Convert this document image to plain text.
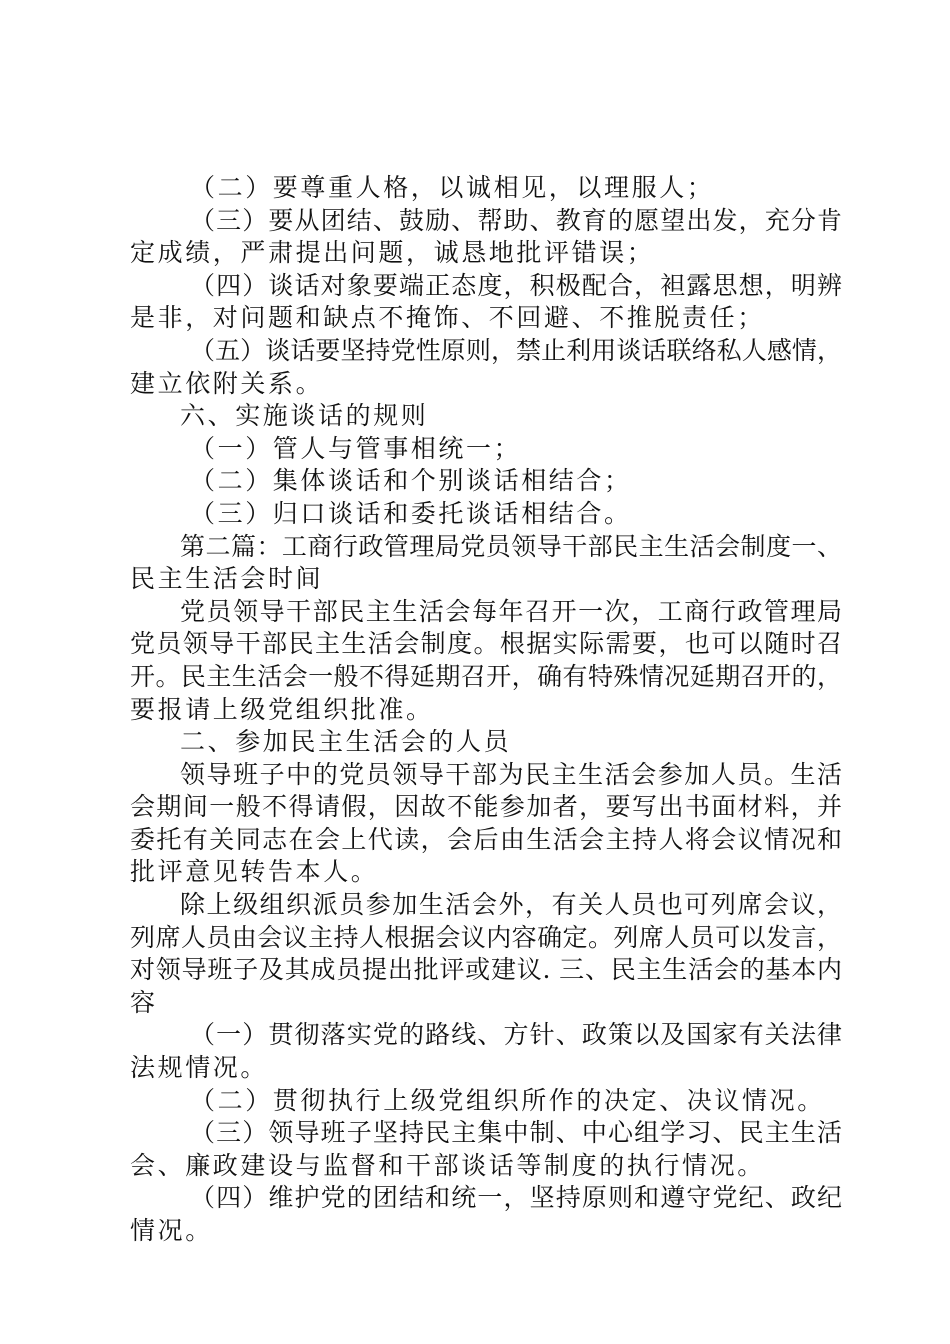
（二）要尊重人格，以诚相见，以理服人；
（三）要从团结、鼓励、帮助、教育的愿望出发，充分肯
定成绩，严肃提出问题，诚恳地批评错误；
（四）谈话对象要端正态度，积极配合，袒露思想，明辨
是非，对问题和缺点不掩饰、不回避、不推脱责任；
（五）谈话要坚持党性原则，禁止利用谈话联络私人感情，
建立依附关系。
六、实施谈话的规则
（一）管人与管事相统一；
（二）集体谈话和个别谈话相结合；
（三）归口谈话和委托谈话相结合。
第二篇：工商行政管理局党员领导干部民主生活会制度一、
民主生活会时间
党员领导干部民主生活会每年召开一次，工商行政管理局
党员领导干部民主生活会制度。根据实际需要，也可以随时召
开。民主生活会一般不得延期召开，确有特殊情况延期召开的，
要报请上级党组织批准。
二、参加民主生活会的人员
领导班子中的党员领导干部为民主生活会参加人员。生活
会期间一般不得请假，因故不能参加者，要写出书面材料，并
委托有关同志在会上代读，会后由生活会主持人将会议情况和
批评意见转告本人。
除上级组织派员参加生活会外，有关人员也可列席会议，
列席人员由会议主持人根据会议内容确定。列席人员可以发言，
对领导班子及其成员提出批评或建议. 三、民主生活会的基本内
容
（一）贯彻落实党的路线、方针、政策以及国家有关法律
法规情况。
（二）贯彻执行上级党组织所作的决定、决议情况。
（三）领导班子坚持民主集中制、中心组学习、民主生活
会、廉政建设与监督和干部谈话等制度的执行情况。
（四）维护党的团结和统一，坚持原则和遵守党纪、政纪
情况。
